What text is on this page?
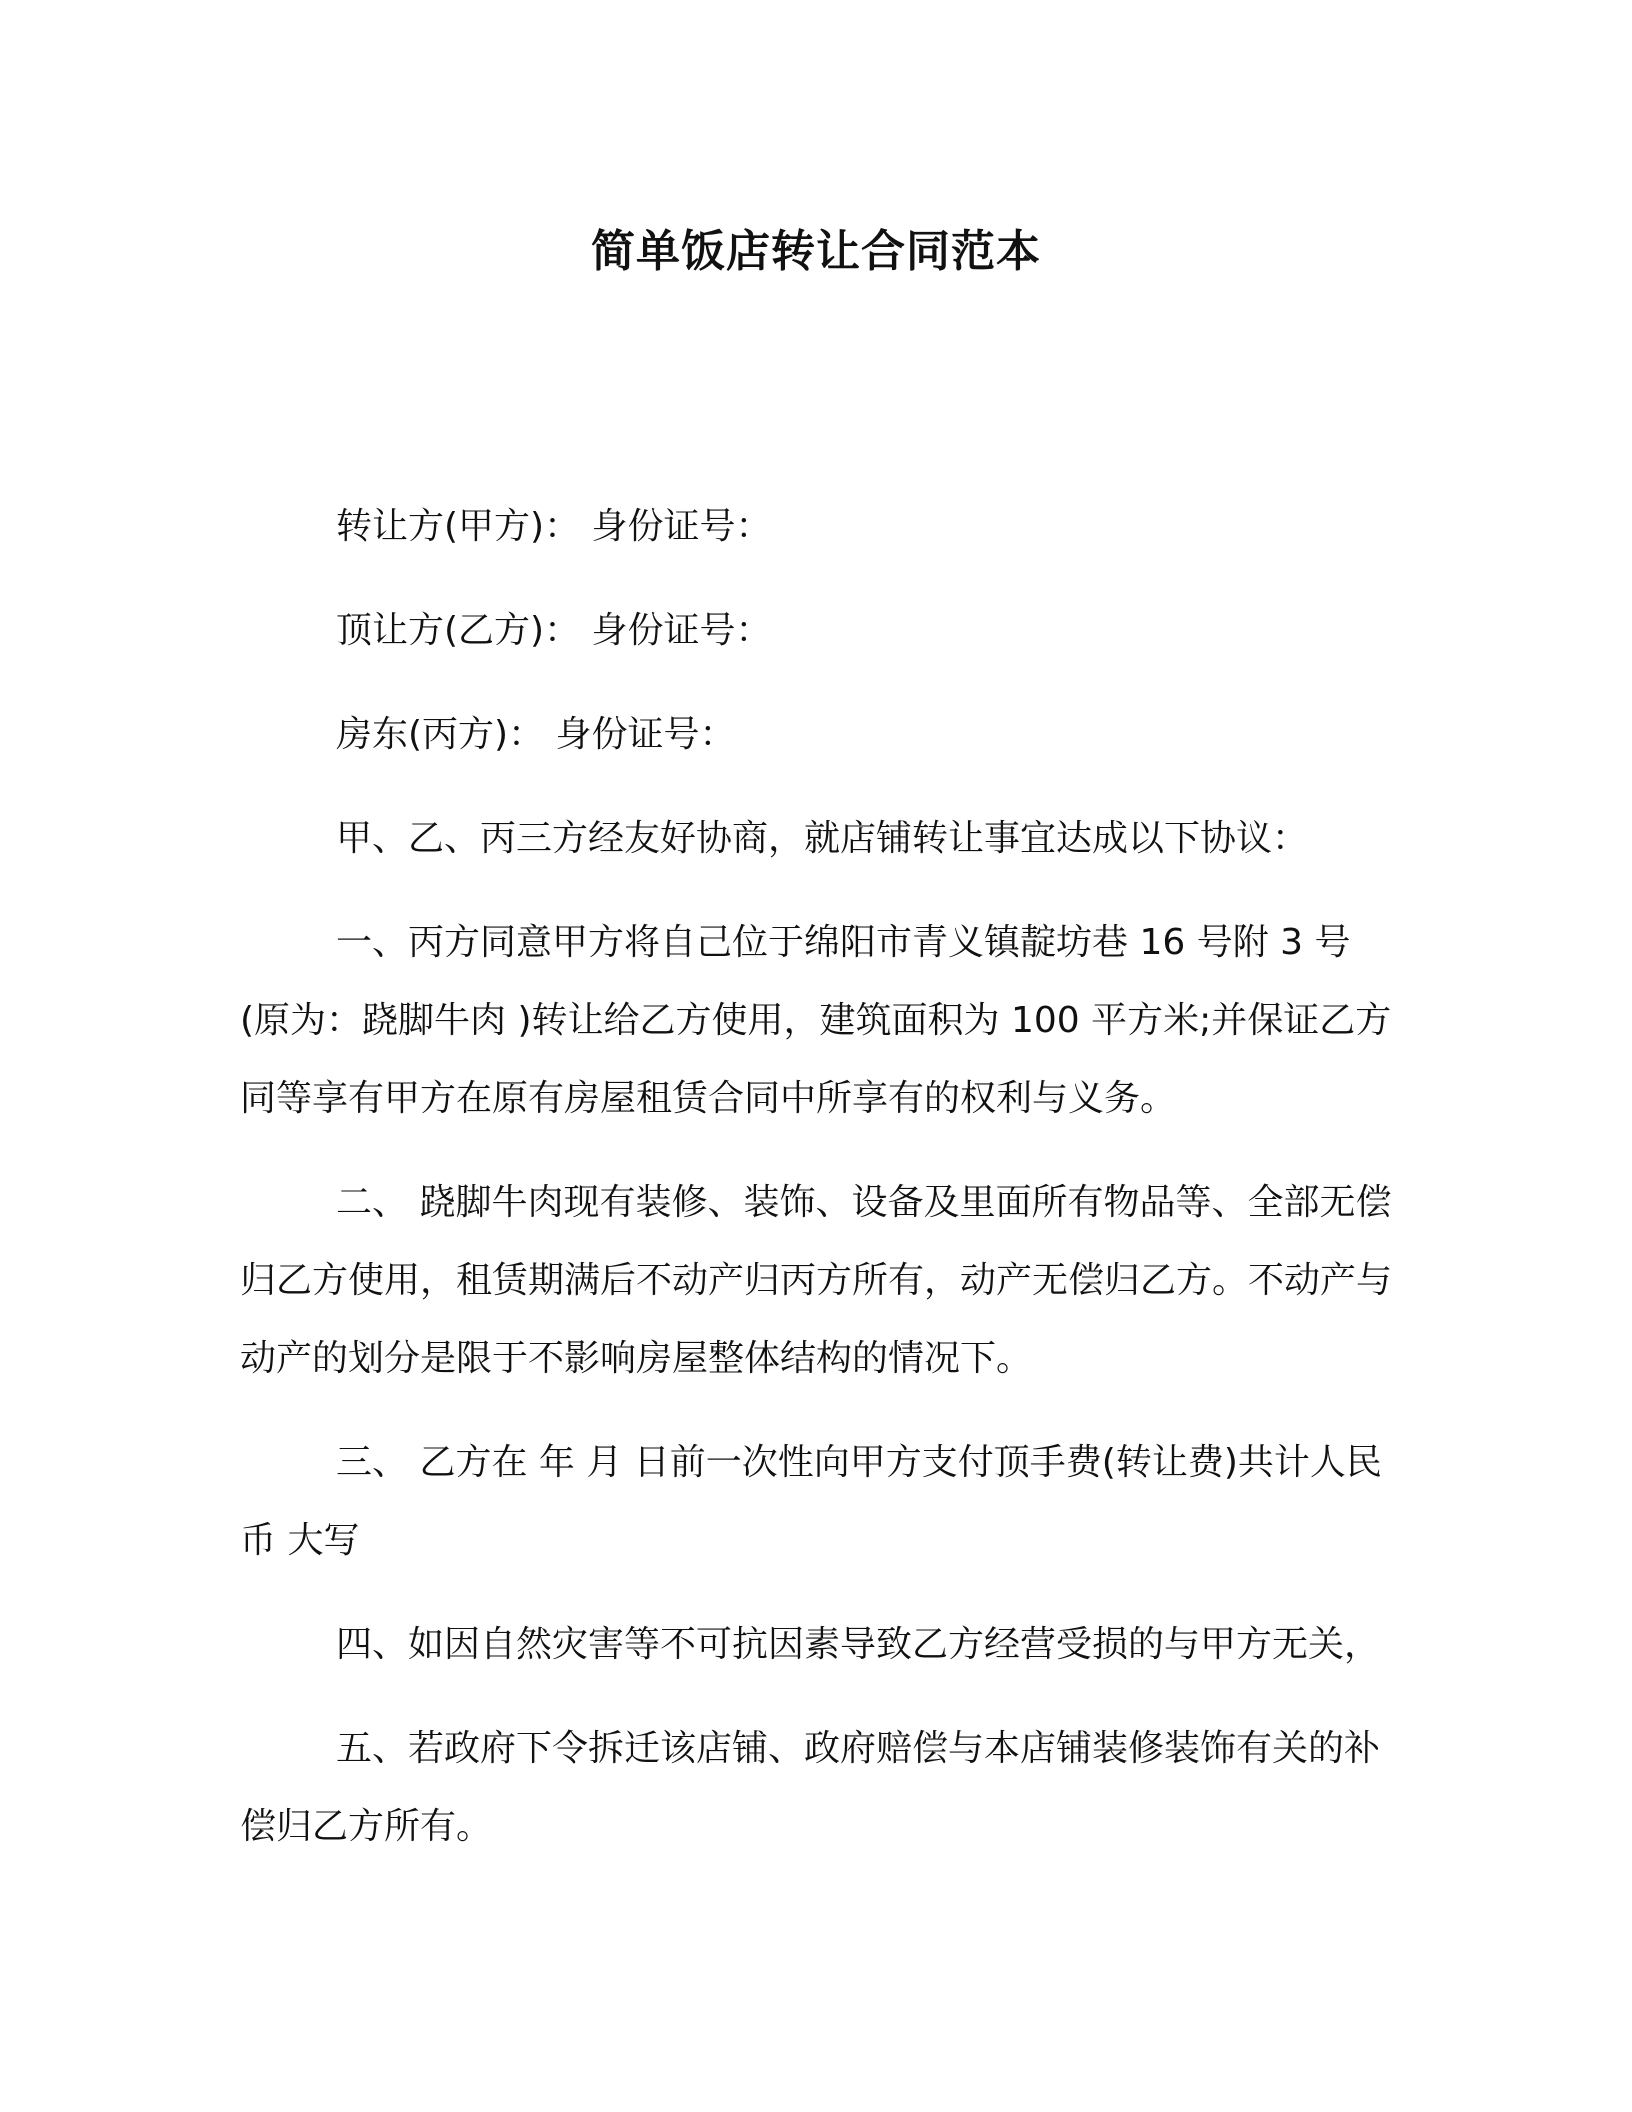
简单饭店转让合同范本

转让方(甲方)： 身份证号：

顶让方(乙方)： 身份证号：

房东(丙方)： 身份证号：

甲、乙、丙三方经友好协商，就店铺转让事宜达成以下协议：

一、丙方同意甲方将自己位于绵阳市青义镇靛坊巷 16 号附 3 号 (原为：跷脚牛肉 )转让给乙方使用，建筑面积为 100 平方米;并保证乙方同等享有甲方在原有房屋租赁合同中所享有的权利与义务。

二、 跷脚牛肉现有装修、装饰、设备及里面所有物品等、全部无偿归乙方使用，租赁期满后不动产归丙方所有，动产无偿归乙方。不动产与动产的划分是限于不影响房屋整体结构的情况下。

三、 乙方在 年 月 日前一次性向甲方支付顶手费(转让费)共计人民币 大写

四、如因自然灾害等不可抗因素导致乙方经营受损的与甲方无关，

五、若政府下令拆迁该店铺、政府赔偿与本店铺装修装饰有关的补偿归乙方所有。
